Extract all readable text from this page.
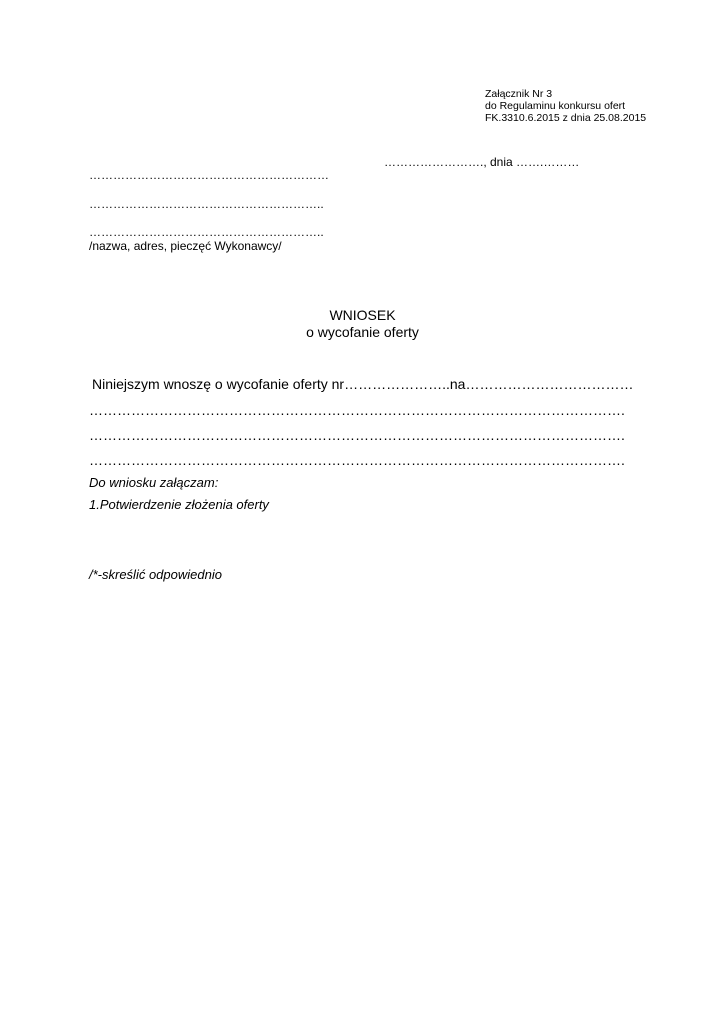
Załącznik Nr 3
do Regulaminu konkursu ofert
FK.3310.6.2015 z dnia 25.08.2015
……………………., dnia …….………
……………………………………………………
…………………………………………………..
…………………………………………………..
/nazwa, adres, pieczęć Wykonawcy/
WNIOSEK
o wycofanie oferty
Niniejszym wnoszę o wycofanie oferty nr…………………..na………………………………
…………………………………………………………………………………………………….
…………………………………………………………………………………………………….
…………………………………………………………………………………………………….
Do wniosku załączam:
1.Potwierdzenie złożenia oferty
/*-skreślić odpowiednio
